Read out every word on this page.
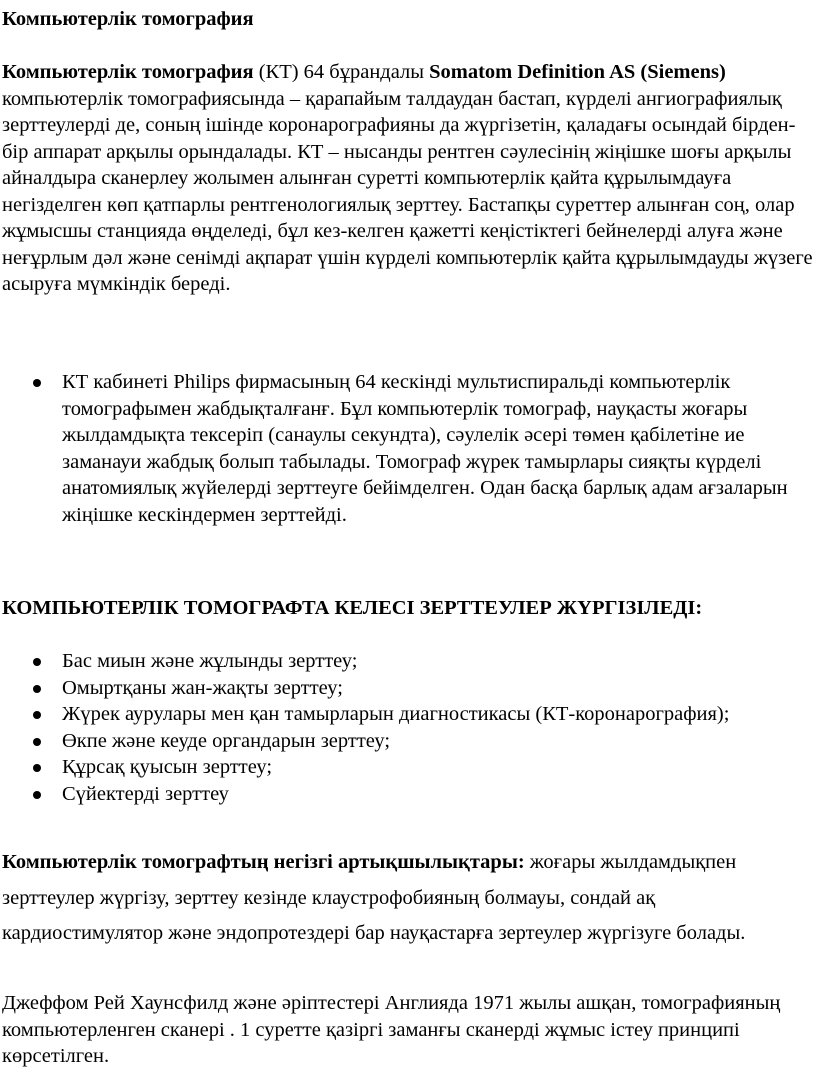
Компьютерлік томография

Компьютерлік томография (КТ) 64 бұрандалы Somatom Definition AS (Siemens) компьютерлік томографиясында – қарапайым талдаудан бастап, күрделі ангиографиялық зерттеулерді де, соның ішінде коронарографияны да жүргізетін, қаладағы осындай бірден-бір аппарат арқылы орындалады. КТ – нысанды рентген сәулесінің жіңішке шоғы арқылы айналдыра сканерлеу жолымен алынған суретті компьютерлік қайта құрылымдауға негізделген көп қатпарлы рентгенологиялық зерттеу. Бастапқы суреттер алынған соң, олар жұмысшы станцияда өңделеді, бұл кез-келген қажетті кеңістіктегі бейнелерді алуға және неғұрлым дәл және сенімді ақпарат үшін күрделі компьютерлік қайта құрылымдауды жүзеге асыруға мүмкіндік береді.

КТ кабинеті Philips фирмасының 64 кескінді мультиспиральді компьютерлік томографымен жабдықталғанғ. Бұл компьютерлік томограф, науқасты жоғары жылдамдықта тексеріп (санаулы секундта), сәулелік әсері төмен қабілетіне ие заманауи жабдық болып табылады. Томограф жүрек тамырлары сияқты күрделі анатомиялық жүйелерді зерттеуге бейімделген. Одан басқа барлық адам ағзаларын жіңішке кескіндермен зерттейді.

КОМПЬЮТЕРЛІК ТОМОГРАФТА КЕЛЕСІ ЗЕРТТЕУЛЕР ЖҮРГІЗІЛЕДІ:

Бас миын және жұлынды зерттеу;
Омыртқаны жан-жақты зерттеу;
Жүрек аурулары мен қан тамырларын диагностикасы (КТ-коронарография);
Өкпе және кеуде органдарын зерттеу;
Құрсақ қуысын зерттеу;
Сүйектерді зерттеу

Компьютерлік томографтың негізгі артықшылықтары: жоғары жылдамдықпен зерттеулер жүргізу, зерттеу кезінде клаустрофобияның болмауы, сондай ақ кардиостимулятор және эндопротездері бар науқастарға зертеулер жүргізуге болады.

Джеффом Рей Хаунсфилд және әріптестері Англияда 1971 жылы ашқан, томографияның компьютерленген сканері . 1 суретте қазіргі заманғы сканерді жұмыс істеу принципі көрсетілген.
